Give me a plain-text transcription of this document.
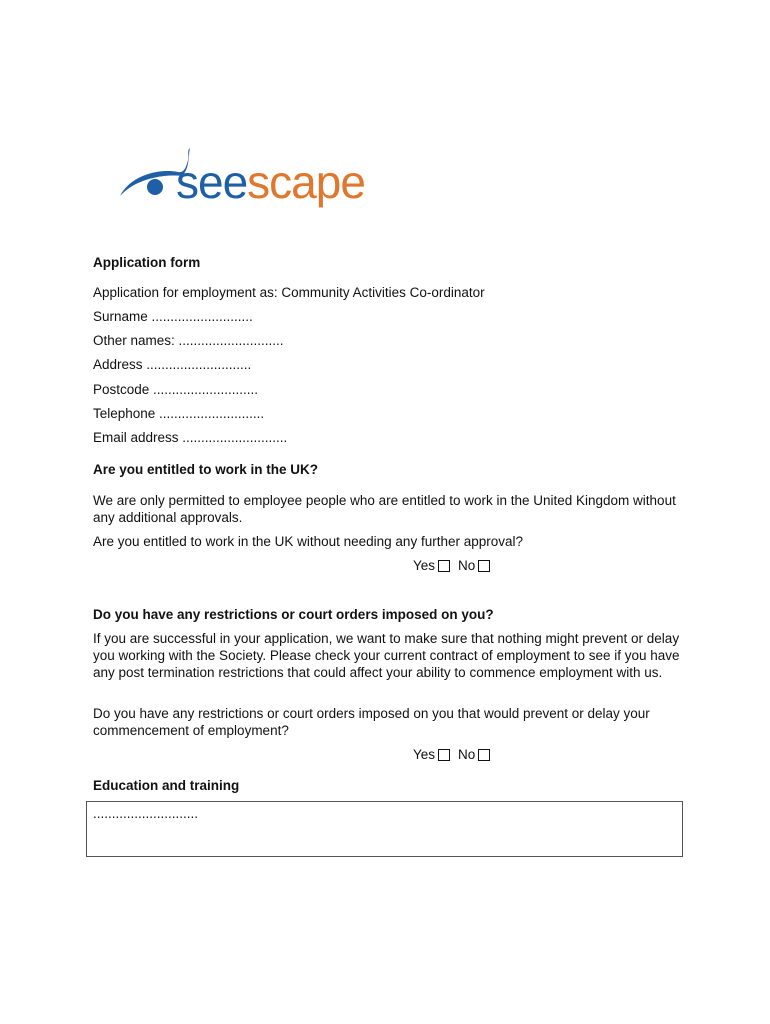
seescape
Application form
Application for employment as: Community Activities Co-ordinator
Surname ...........................
Other names: ............................
Address ............................
Postcode ............................
Telephone ............................
Email address ............................
Are you entitled to work in the UK?
We are only permitted to employee people who are entitled to work in the United Kingdom without any additional approvals.
Are you entitled to work in the UK without needing any further approval?
Yes No
Do you have any restrictions or court orders imposed on you?
If you are successful in your application, we want to make sure that nothing might prevent or delay you working with the Society. Please check your current contract of employment to see if you have any post termination restrictions that could affect your ability to commence employment with us.
Do you have any restrictions or court orders imposed on you that would prevent or delay your commencement of employment?
Yes No
Education and training
............................
